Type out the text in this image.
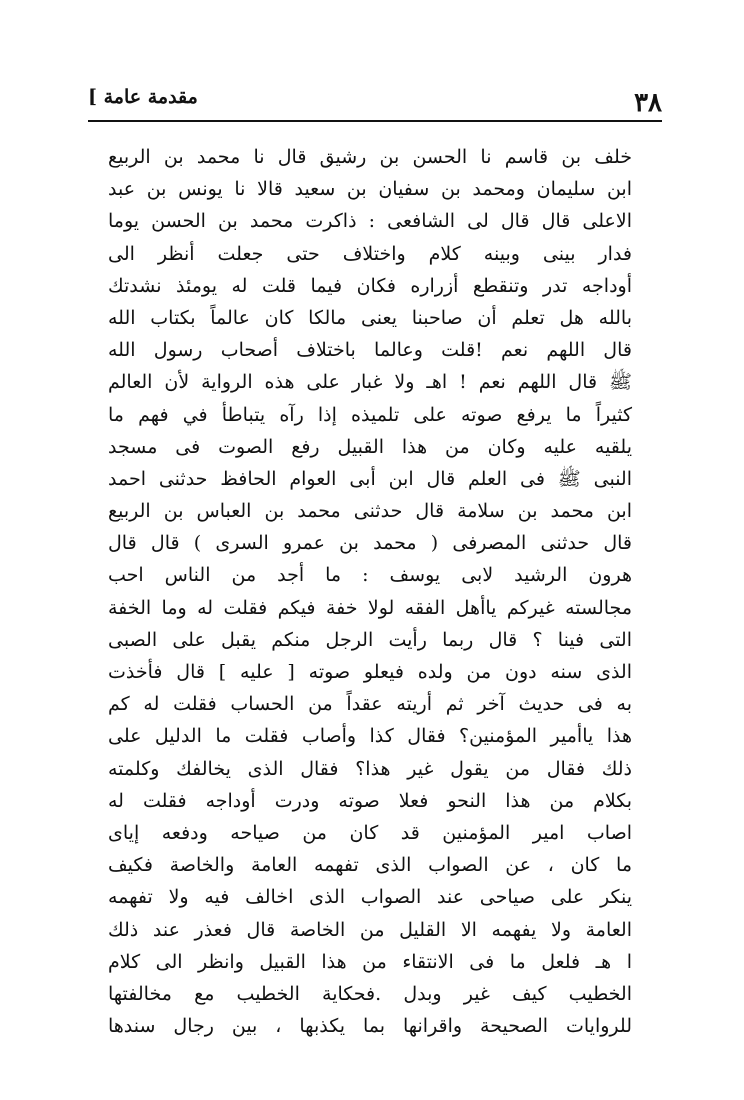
٣٨
مقدمة عامة ]
خلف بن قاسم نا الحسن بن رشيق قال نا محمد بن الربيع
ابن سليمان ومحمد بن سفيان بن سعيد قالا نا يونس بن عبد
الاعلى قال قال لى الشافعى : ذاكرت محمد بن الحسن يوما
فدار بينى وبينه كلام واختلاف حتى جعلت أنظر الى
أوداجه تدر وتنقطع أزراره فكان فيما قلت له يومئذ نشدتك
بالله هل تعلم أن صاحبنا يعنى مالكا كان عالماً بكتاب الله
قال اللهم نعم !قلت وعالما باختلاف أصحاب رسول الله
ﷺ قال اللهم نعم ! اهـ ولا غبار على هذه الرواية لأن العالم
كثيراً ما يرفع صوته على تلميذه إذا رآه يتباطأ في فهم ما
يلقيه عليه وكان من هذا القبيل رفع الصوت فى مسجد
النبى ﷺ فى العلم قال ابن أبى العوام الحافظ حدثنى احمد
ابن محمد بن سلامة قال حدثنى محمد بن العباس بن الربيع
قال حدثنى المصرفى ( محمد بن عمرو السرى ) قال قال
هرون الرشيد لابى يوسف : ما أجد من الناس احب
مجالسته غيركم ياأهل الفقه لولا خفة فيكم فقلت له وما الخفة
التى فينا ؟ قال ربما رأيت الرجل منكم يقبل على الصبى
الذى سنه دون من ولده فيعلو صوته [ عليه ] قال فأخذت
به فى حديث آخر ثم أريته عقداً من الحساب فقلت له كم
هذا ياأمير المؤمنين؟ فقال كذا وأصاب فقلت ما الدليل على
ذلك فقال من يقول غير هذا؟ فقال الذى يخالفك وكلمته
بكلام من هذا النحو فعلا صوته ودرت أوداجه فقلت له
اصاب امير المؤمنين قد كان من صياحه ودفعه إياى
ما كان ، عن الصواب الذى تفهمه العامة والخاصة فكيف
ينكر على صياحى عند الصواب الذى اخالف فيه ولا تفهمه
العامة ولا يفهمه الا القليل من الخاصة قال فعذر عند ذلك
ا هـ فلعل ما فى الانتقاء من هذا القبيل وانظر الى كلام
الخطيب كيف غير وبدل .فحكاية الخطيب مع مخالفتها
للروايات الصحيحة واقرانها بما يكذبها ، بين رجال سندها
